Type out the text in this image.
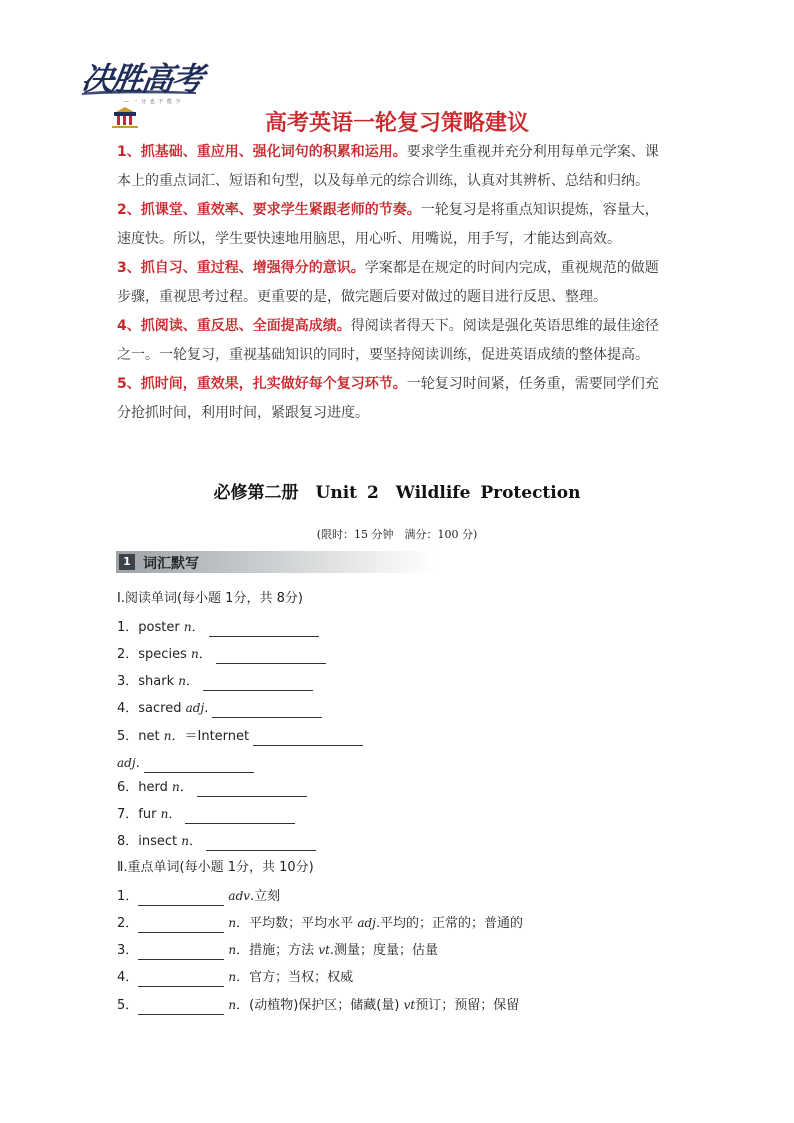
决胜高考
— 一 分 也 不 能 少
高考英语一轮复习策略建议
1、抓基础、重应用、强化词句的积累和运用。要求学生重视并充分利用每单元学案、课
本上的重点词汇、短语和句型，以及每单元的综合训练，认真对其辨析、总结和归纳。
2、抓课堂、重效率、要求学生紧跟老师的节奏。一轮复习是将重点知识提炼，容量大，
速度快。所以，学生要快速地用脑思，用心听、用嘴说，用手写，才能达到高效。
3、抓自习、重过程、增强得分的意识。学案都是在规定的时间内完成，重视规范的做题
步骤，重视思考过程。更重要的是，做完题后要对做过的题目进行反思、整理。
4、抓阅读、重反思、全面提高成绩。得阅读者得天下。阅读是强化英语思维的最佳途径
之一。一轮复习，重视基础知识的同时，要坚持阅读训练，促进英语成绩的整体提高。
5、抓时间，重效果，扎实做好每个复习环节。一轮复习时间紧，任务重，需要同学们充
分抢抓时间，利用时间，紧跟复习进度。
必修第二册　Unit 2　Wildlife Protection
(限时：15 分钟　满分：100 分)
1 词汇默写
Ⅰ.阅读单词(每小题 1分，共 8分)
1．poster n．
2．species n．
3．shark n．
4．sacred adj.
5．net n．＝Internet
adj.
6．herd n．
7．fur n．
8．insect n．
Ⅱ.重点单词(每小题 1分，共 10分)
1．	adv.立刻
2．	n．平均数；平均水平 adj.平均的；正常的；普通的
3．	n．措施；方法 vt.测量；度量；估量
4．	n．官方；当权；权威
5．	n．(动植物)保护区；储藏(量) vt预订；预留；保留
